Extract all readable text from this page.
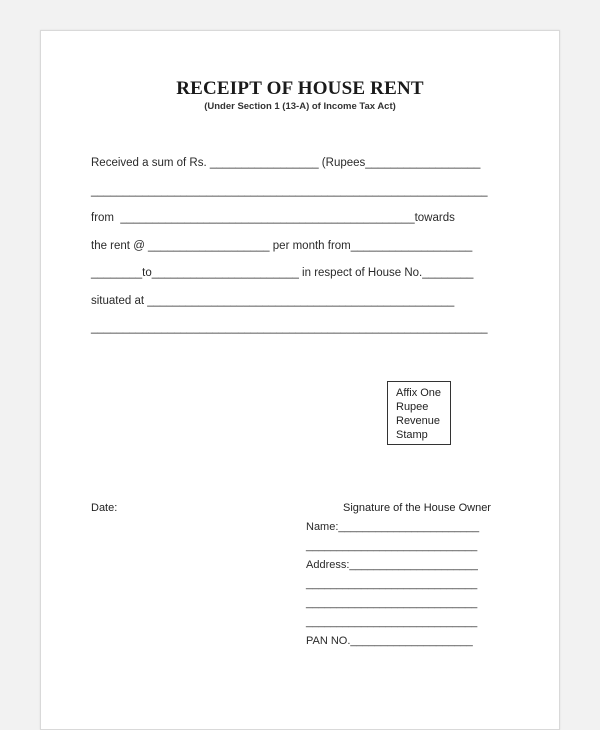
RECEIPT OF HOUSE RENT
(Under Section 1 (13-A) of Income Tax Act)
Received a sum of Rs. _________________ (Rupees__________________
______________________________________________________________
from  ______________________________________________towards
the rent @ ___________________ per month from___________________
________to_______________________ in respect of House No.________
situated at ________________________________________________
______________________________________________________________
Affix One
Rupee
Revenue
Stamp
Date:	Signature of the House Owner
Name:_______________________
____________________________
Address:_____________________
____________________________
____________________________
____________________________
PAN NO.____________________
